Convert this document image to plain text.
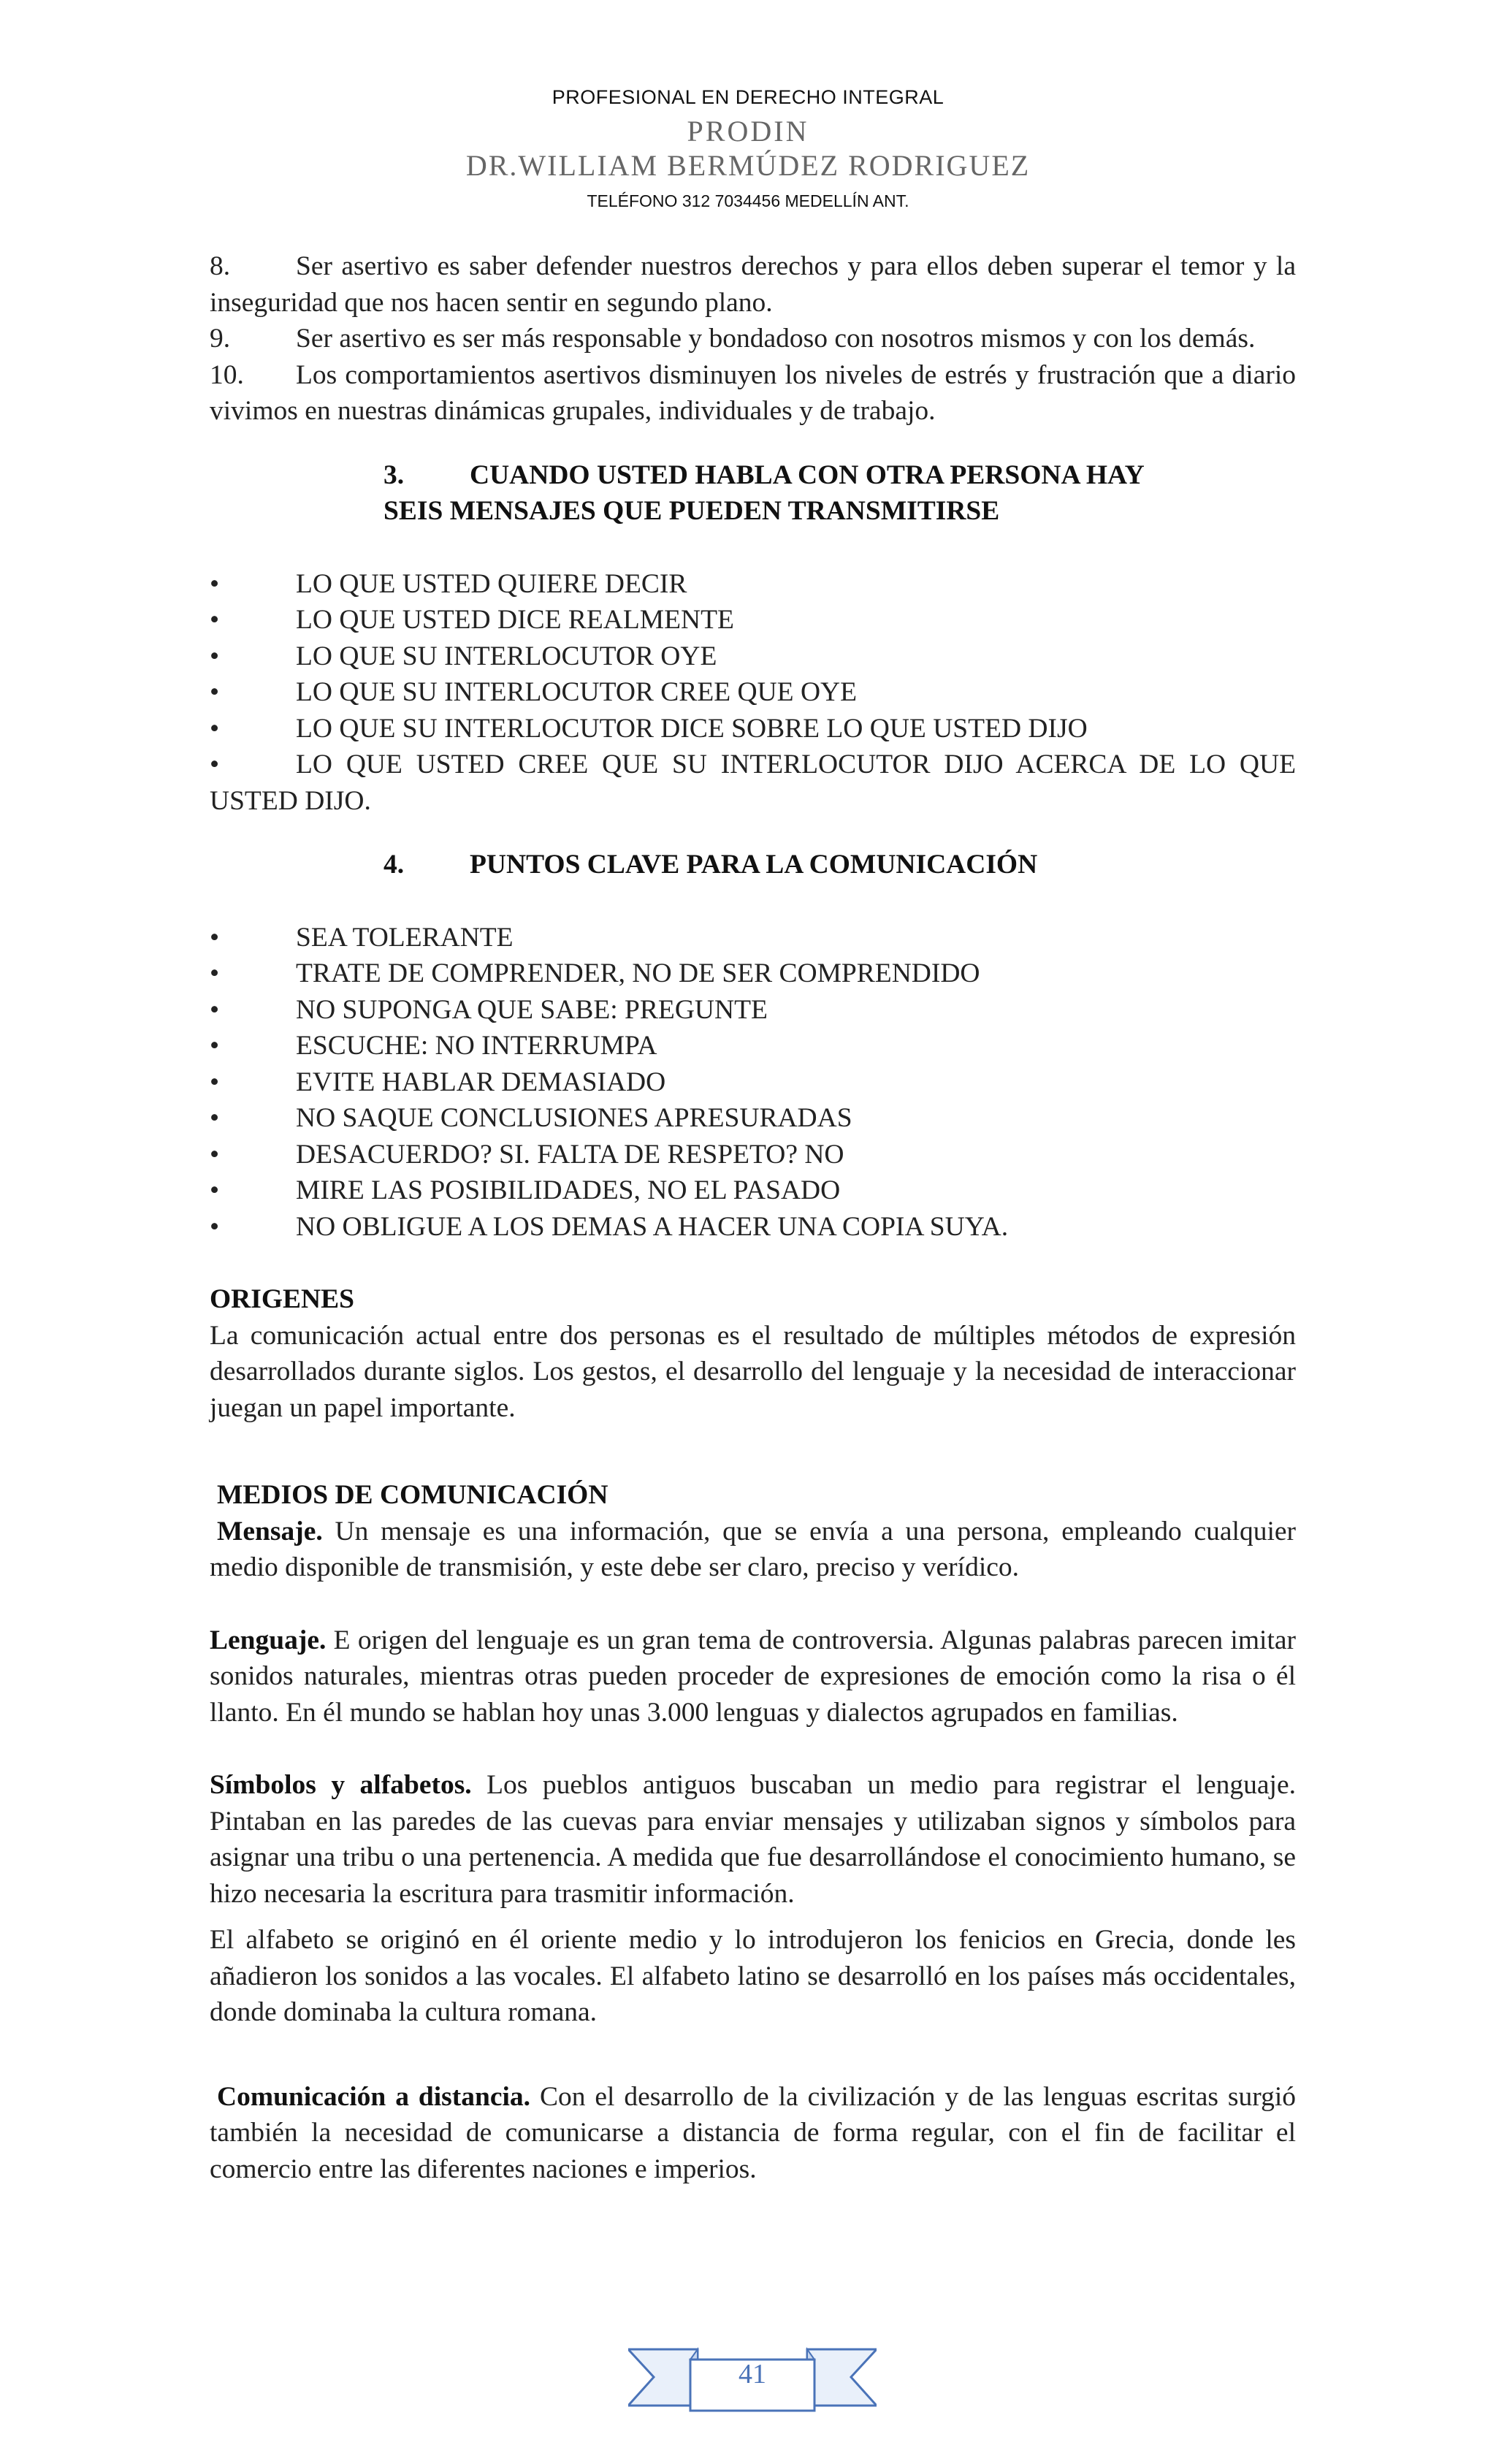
PROFESIONAL EN DERECHO INTEGRAL
PRODIN
DR.WILLIAM BERMÚDEZ RODRIGUEZ
TELÉFONO 312 7034456 MEDELLÍN ANT.

8. Ser asertivo es saber defender nuestros derechos y para ellos deben superar el temor y la inseguridad que nos hacen sentir en segundo plano.

9. Ser asertivo es ser más responsable y bondadoso con nosotros mismos y con los demás.

10. Los comportamientos asertivos disminuyen los niveles de estrés y frustración que a diario vivimos en nuestras dinámicas grupales, individuales y de trabajo.

3. CUANDO USTED HABLA CON OTRA PERSONA HAY

SEIS MENSAJES QUE PUEDEN TRANSMITIRSE

•	LO QUE USTED QUIERE DECIR
•	LO QUE USTED DICE REALMENTE
•	LO QUE SU INTERLOCUTOR OYE
•	LO QUE SU INTERLOCUTOR CREE QUE OYE
•	LO QUE SU INTERLOCUTOR DICE SOBRE LO QUE USTED DIJO
•	LO QUE USTED CREE QUE SU INTERLOCUTOR DIJO ACERCA DE LO QUE USTED DIJO.

4. PUNTOS CLAVE PARA LA COMUNICACIÓN

•	SEA TOLERANTE
•	TRATE DE COMPRENDER, NO DE SER COMPRENDIDO
•	NO SUPONGA QUE SABE: PREGUNTE
•	ESCUCHE: NO INTERRUMPA
•	EVITE HABLAR DEMASIADO
•	NO SAQUE CONCLUSIONES APRESURADAS
•	DESACUERDO? SI. FALTA DE RESPETO? NO
•	MIRE LAS POSIBILIDADES, NO EL PASADO
•	NO OBLIGUE A LOS DEMAS A HACER UNA COPIA SUYA.

ORIGENES

La comunicación actual entre dos personas es el resultado de múltiples métodos de expresión desarrollados durante siglos. Los gestos, el desarrollo del lenguaje y la necesidad de interaccionar juegan un papel importante.

MEDIOS DE COMUNICACIÓN

Mensaje. Un mensaje es una información, que se envía a una persona, empleando cualquier medio disponible de transmisión, y este debe ser claro, preciso y verídico.

Lenguaje. E origen del lenguaje es un gran tema de controversia. Algunas palabras parecen imitar sonidos naturales, mientras otras pueden proceder de expresiones de emoción como la risa o él llanto. En él mundo se hablan hoy unas 3.000 lenguas y dialectos agrupados en familias.

Símbolos y alfabetos. Los pueblos antiguos buscaban un medio para registrar el lenguaje. Pintaban en las paredes de las cuevas para enviar mensajes y utilizaban signos y símbolos para asignar una tribu o una pertenencia. A medida que fue desarrollándose el conocimiento humano, se hizo necesaria la escritura para trasmitir información.

El alfabeto se originó en él oriente medio y lo introdujeron los fenicios en Grecia, donde les añadieron los sonidos a las vocales. El alfabeto latino se desarrolló en los países más occidentales, donde dominaba la cultura romana.

Comunicación a distancia. Con el desarrollo de la civilización y de las lenguas escritas surgió también la necesidad de comunicarse a distancia de forma regular, con el fin de facilitar el comercio entre las diferentes naciones e imperios.

41
